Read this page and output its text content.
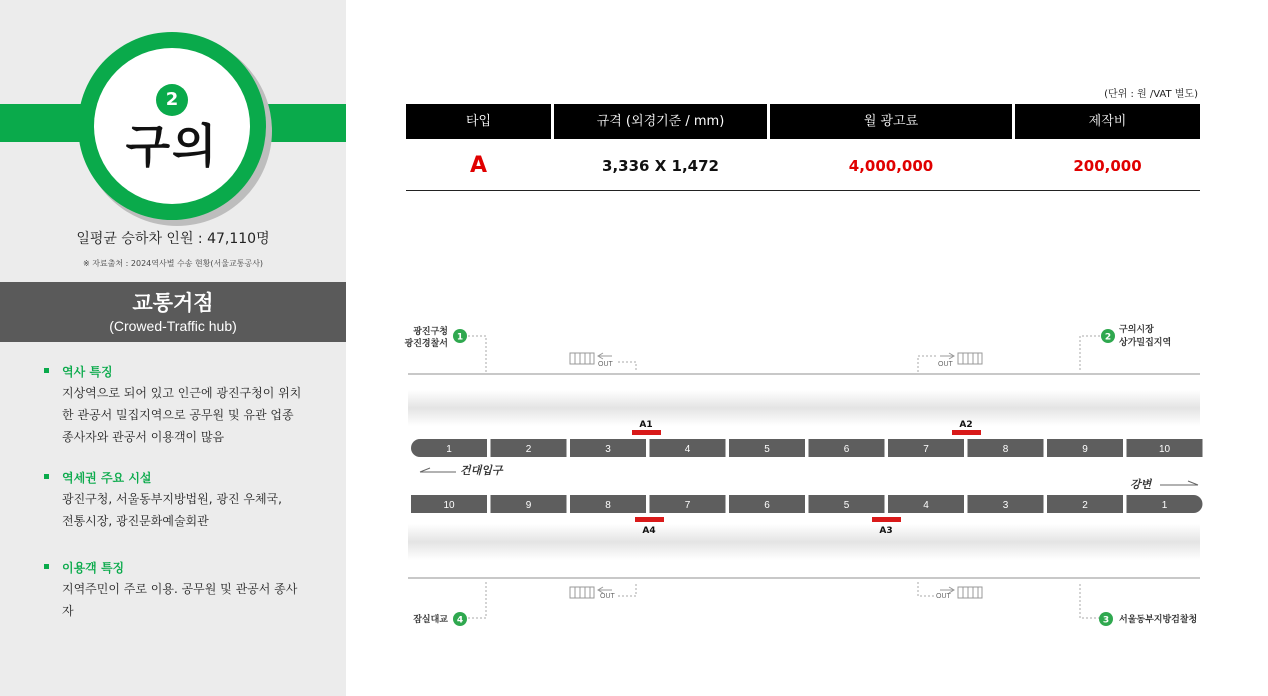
2
구의
일평균 승하차 인원 : 47,110명
※ 자료출처 : 2024역사별 수송 현황(서울교통공사)
교통거점
(Crowed-Traffic hub)
역사 특징
지상역으로 되어 있고 인근에 광진구청이 위치
한 관공서 밀집지역으로 공무원 및 유관 업종
종사자와 관공서 이용객이 많음
역세권 주요 시설
광진구청, 서울동부지방법원, 광진 우체국,
전통시장, 광진문화예술회관
이용객 특징
지역주민이 주로 이용. 공무원 및 관공서 종사
자
(단위 : 원 /VAT 별도)
타입	규격 (외경기준 / mm)	월 광고료	제작비
A	3,336 X 1,472	4,000,000	200,000
OUT	OUT
OUT	OUT
광진구청
광진경찰서
1	2
구의시장
상가밀집지역
잠실대교 4	3 서울동부지방검찰청
A1	A2
A4	A3
1	2	3	4	5	6	7	8	9	10
10	9	8	7	6	5	4	3	2	1
건대입구
강변
